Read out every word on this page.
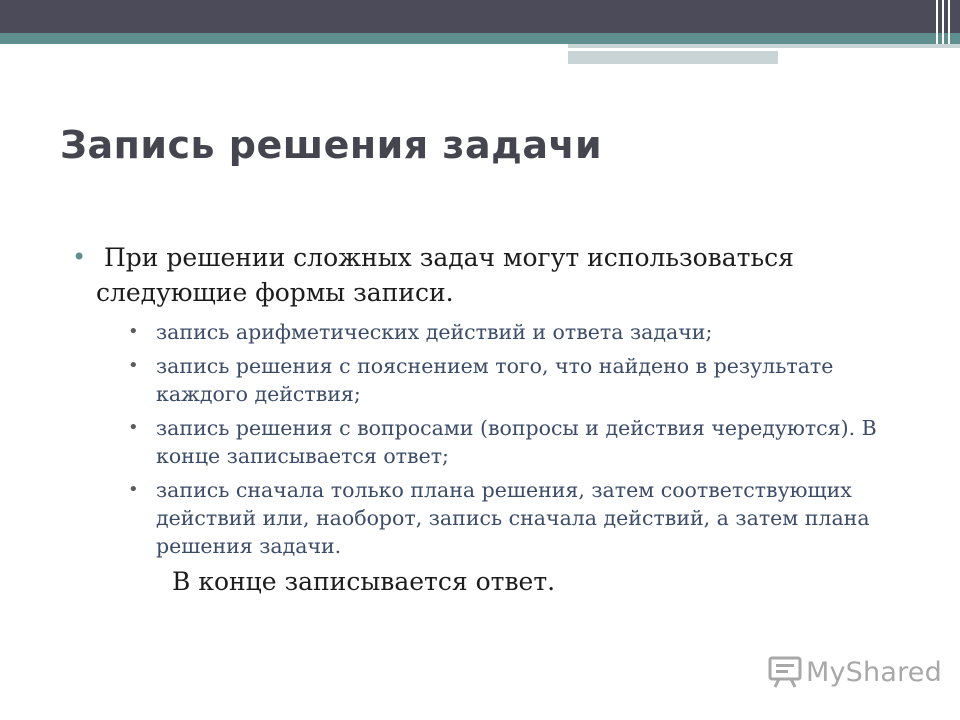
Запись решения задачи
• При решении сложных задач могут использоваться следующие формы записи.
• запись арифметических действий и ответа задачи;
• запись решения с пояснением того, что найдено в результате каждого действия;
• запись решения с вопросами (вопросы и действия чередуются). В конце записывается ответ;
• запись сначала только плана решения, затем соответствующих действий или, наоборот, запись сначала действий, а затем плана решения задачи.
В конце записывается ответ.
MyShared
